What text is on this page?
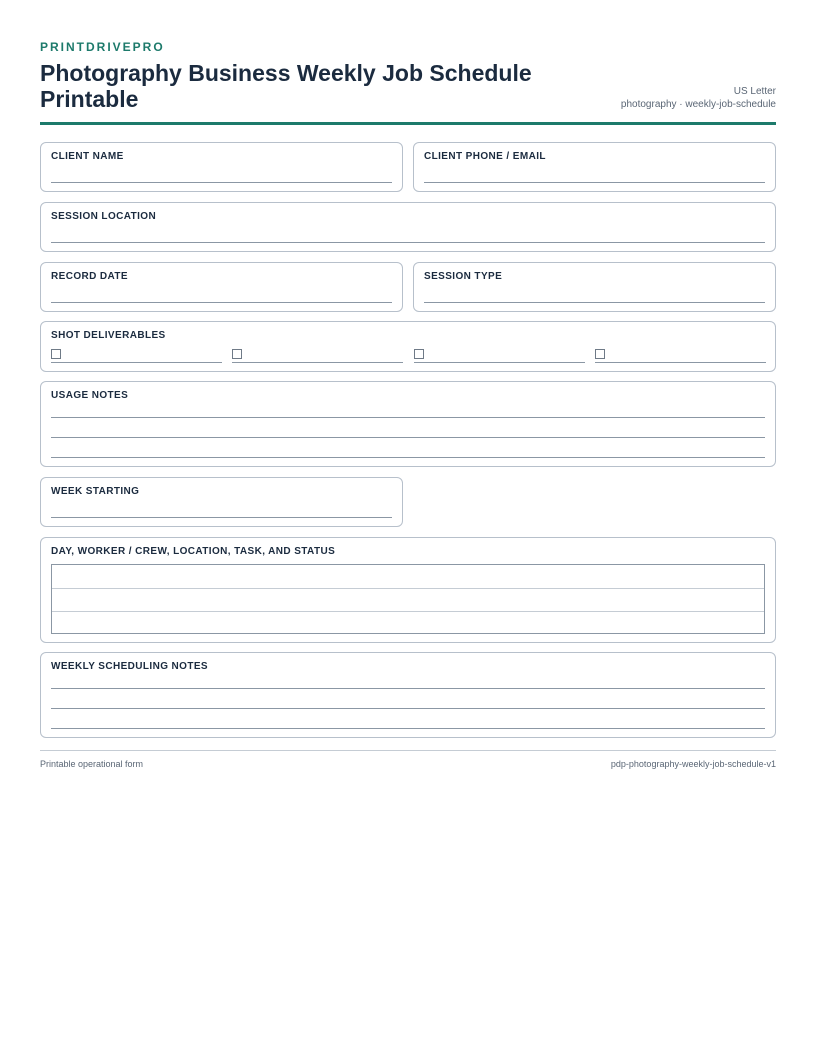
PRINTDRIVEPRO
Photography Business Weekly Job Schedule Printable	US Letter
photography · weekly-job-schedule
CLIENT NAME	CLIENT PHONE / EMAIL
SESSION LOCATION
RECORD DATE	SESSION TYPE
SHOT DELIVERABLES
USAGE NOTES
WEEK STARTING
DAY, WORKER / CREW, LOCATION, TASK, AND STATUS
WEEKLY SCHEDULING NOTES
Printable operational form	pdp-photography-weekly-job-schedule-v1
